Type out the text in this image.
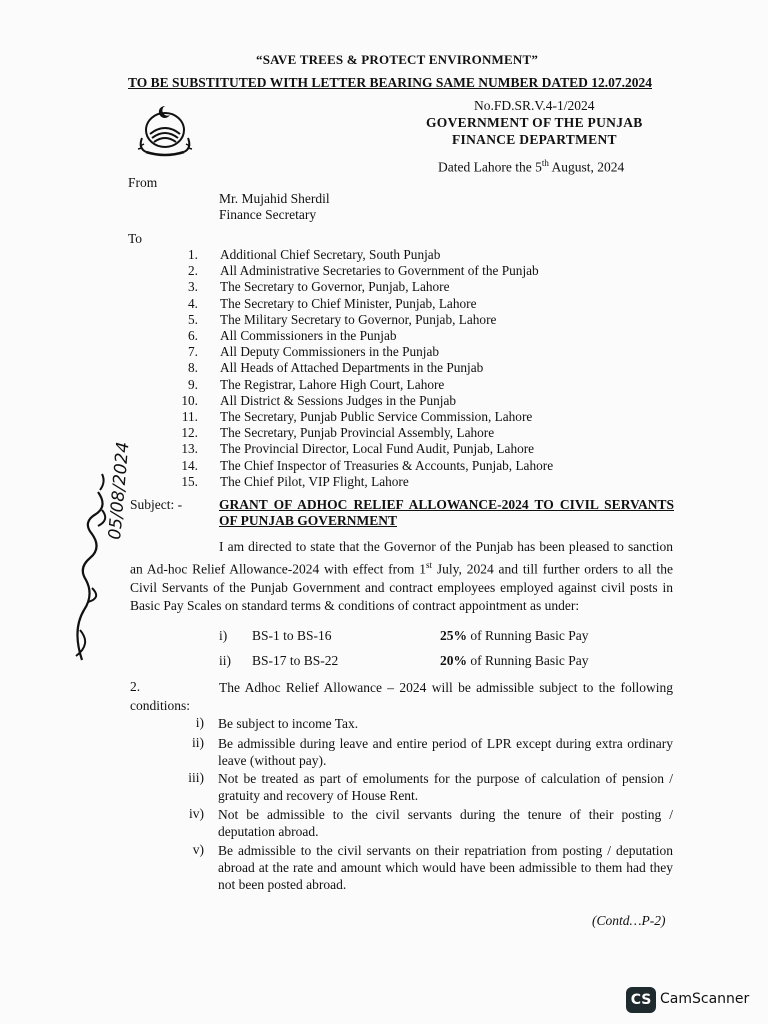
“SAVE TREES & PROTECT ENVIRONMENT”
TO BE SUBSTITUTED WITH LETTER BEARING SAME NUMBER DATED 12.07.2024
No.FD.SR.V.4-1/2024
GOVERNMENT OF THE PUNJAB
FINANCE DEPARTMENT
Dated Lahore the 5th August, 2024
From
Mr. Mujahid Sherdil
Finance Secretary
To
1. Additional Chief Secretary, South Punjab
2. All Administrative Secretaries to Government of the Punjab
3. The Secretary to Governor, Punjab, Lahore
4. The Secretary to Chief Minister, Punjab, Lahore
5. The Military Secretary to Governor, Punjab, Lahore
6. All Commissioners in the Punjab
7. All Deputy Commissioners in the Punjab
8. All Heads of Attached Departments in the Punjab
9. The Registrar, Lahore High Court, Lahore
10. All District & Sessions Judges in the Punjab
11. The Secretary, Punjab Public Service Commission, Lahore
12. The Secretary, Punjab Provincial Assembly, Lahore
13. The Provincial Director, Local Fund Audit, Punjab, Lahore
14. The Chief Inspector of Treasuries & Accounts, Punjab, Lahore
15. The Chief Pilot, VIP Flight, Lahore
05/08/2024
Subject: -	GRANT OF ADHOC RELIEF ALLOWANCE-2024 TO CIVIL SERVANTS OF PUNJAB GOVERNMENT
I am directed to state that the Governor of the Punjab has been pleased to sanction an Ad-hoc Relief Allowance-2024 with effect from 1st July, 2024 and till further orders to all the Civil Servants of the Punjab Government and contract employees employed against civil posts in Basic Pay Scales on standard terms & conditions of contract appointment as under:
i) BS-1 to BS-16	25% of Running Basic Pay
ii) BS-17 to BS-22	20% of Running Basic Pay
2.	The Adhoc Relief Allowance – 2024 will be admissible subject to the following conditions:
i) Be subject to income Tax.
ii) Be admissible during leave and entire period of LPR except during extra ordinary leave (without pay).
iii) Not be treated as part of emoluments for the purpose of calculation of pension / gratuity and recovery of House Rent.
iv) Not be admissible to the civil servants during the tenure of their posting / deputation abroad.
v) Be admissible to the civil servants on their repatriation from posting / deputation abroad at the rate and amount which would have been admissible to them had they not been posted abroad.
(Contd…P-2)
CS CamScanner
